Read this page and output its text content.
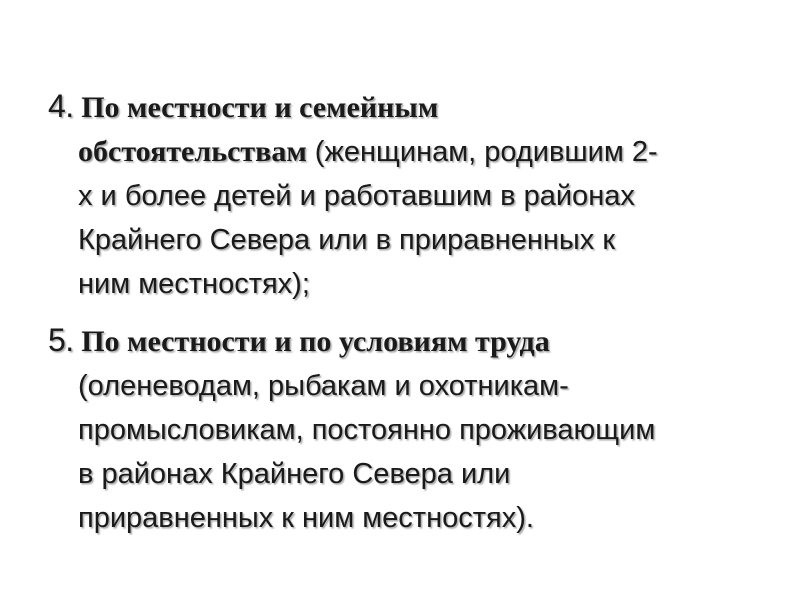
4. По местности и семейным
обстоятельствам (женщинам, родившим 2-
х и более детей и работавшим в районах
Крайнего Севера или в приравненных к
ним местностях);
5. По местности и по условиям труда
(оленеводам, рыбакам и охотникам-
промысловикам, постоянно проживающим
в районах Крайнего Севера или
приравненных к ним местностях).
